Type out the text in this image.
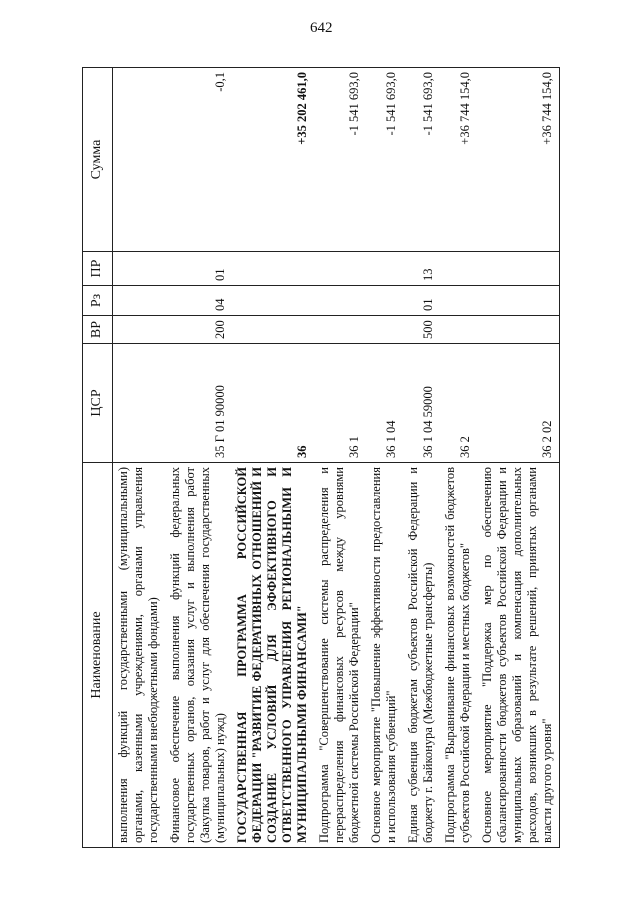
642
Наименование	ЦСР	ВР	Рз	ПР	Сумма
выполнения функций государственными (муниципальными) органами, казенными учреждениями, органами управления государственными внебюджетными фондами)					
Финансовое обеспечение выполнения функций федеральных государственных органов, оказания услуг и выполнения работ (Закупка товаров, работ и услуг для обеспечения государственных (муниципальных) нужд)	35 Г 01 90000	200	04	01	-0,1
ГОСУДАРСТВЕННАЯ ПРОГРАММА РОССИЙСКОЙ ФЕДЕРАЦИИ "РАЗВИТИЕ ФЕДЕРАТИВНЫХ ОТНОШЕНИЙ И СОЗДАНИЕ УСЛОВИЙ ДЛЯ ЭФФЕКТИВНОГО И ОТВЕТСТВЕННОГО УПРАВЛЕНИЯ РЕГИОНАЛЬНЫМИ И МУНИЦИПАЛЬНЫМИ ФИНАНСАМИ"	36				+35 202 461,0
Подпрограмма "Совершенствование системы распределения и перераспределения финансовых ресурсов между уровнями бюджетной системы Российской Федерации"	36 1				-1 541 693,0
Основное мероприятие "Повышение эффективности предоставления и использования субвенций"	36 1 04				-1 541 693,0
Единая субвенция бюджетам субъектов Российской Федерации и бюджету г. Байконура (Межбюджетные трансферты)	36 1 04 59000	500	01	13	-1 541 693,0
Подпрограмма "Выравнивание финансовых возможностей бюджетов субъектов Российской Федерации и местных бюджетов"	36 2				+36 744 154,0
Основное мероприятие "Поддержка мер по обеспечению сбалансированности бюджетов субъектов Российской Федерации и муниципальных образований и компенсация дополнительных расходов, возникших в результате решений, принятых органами власти другого уровня"	36 2 02				+36 744 154,0
